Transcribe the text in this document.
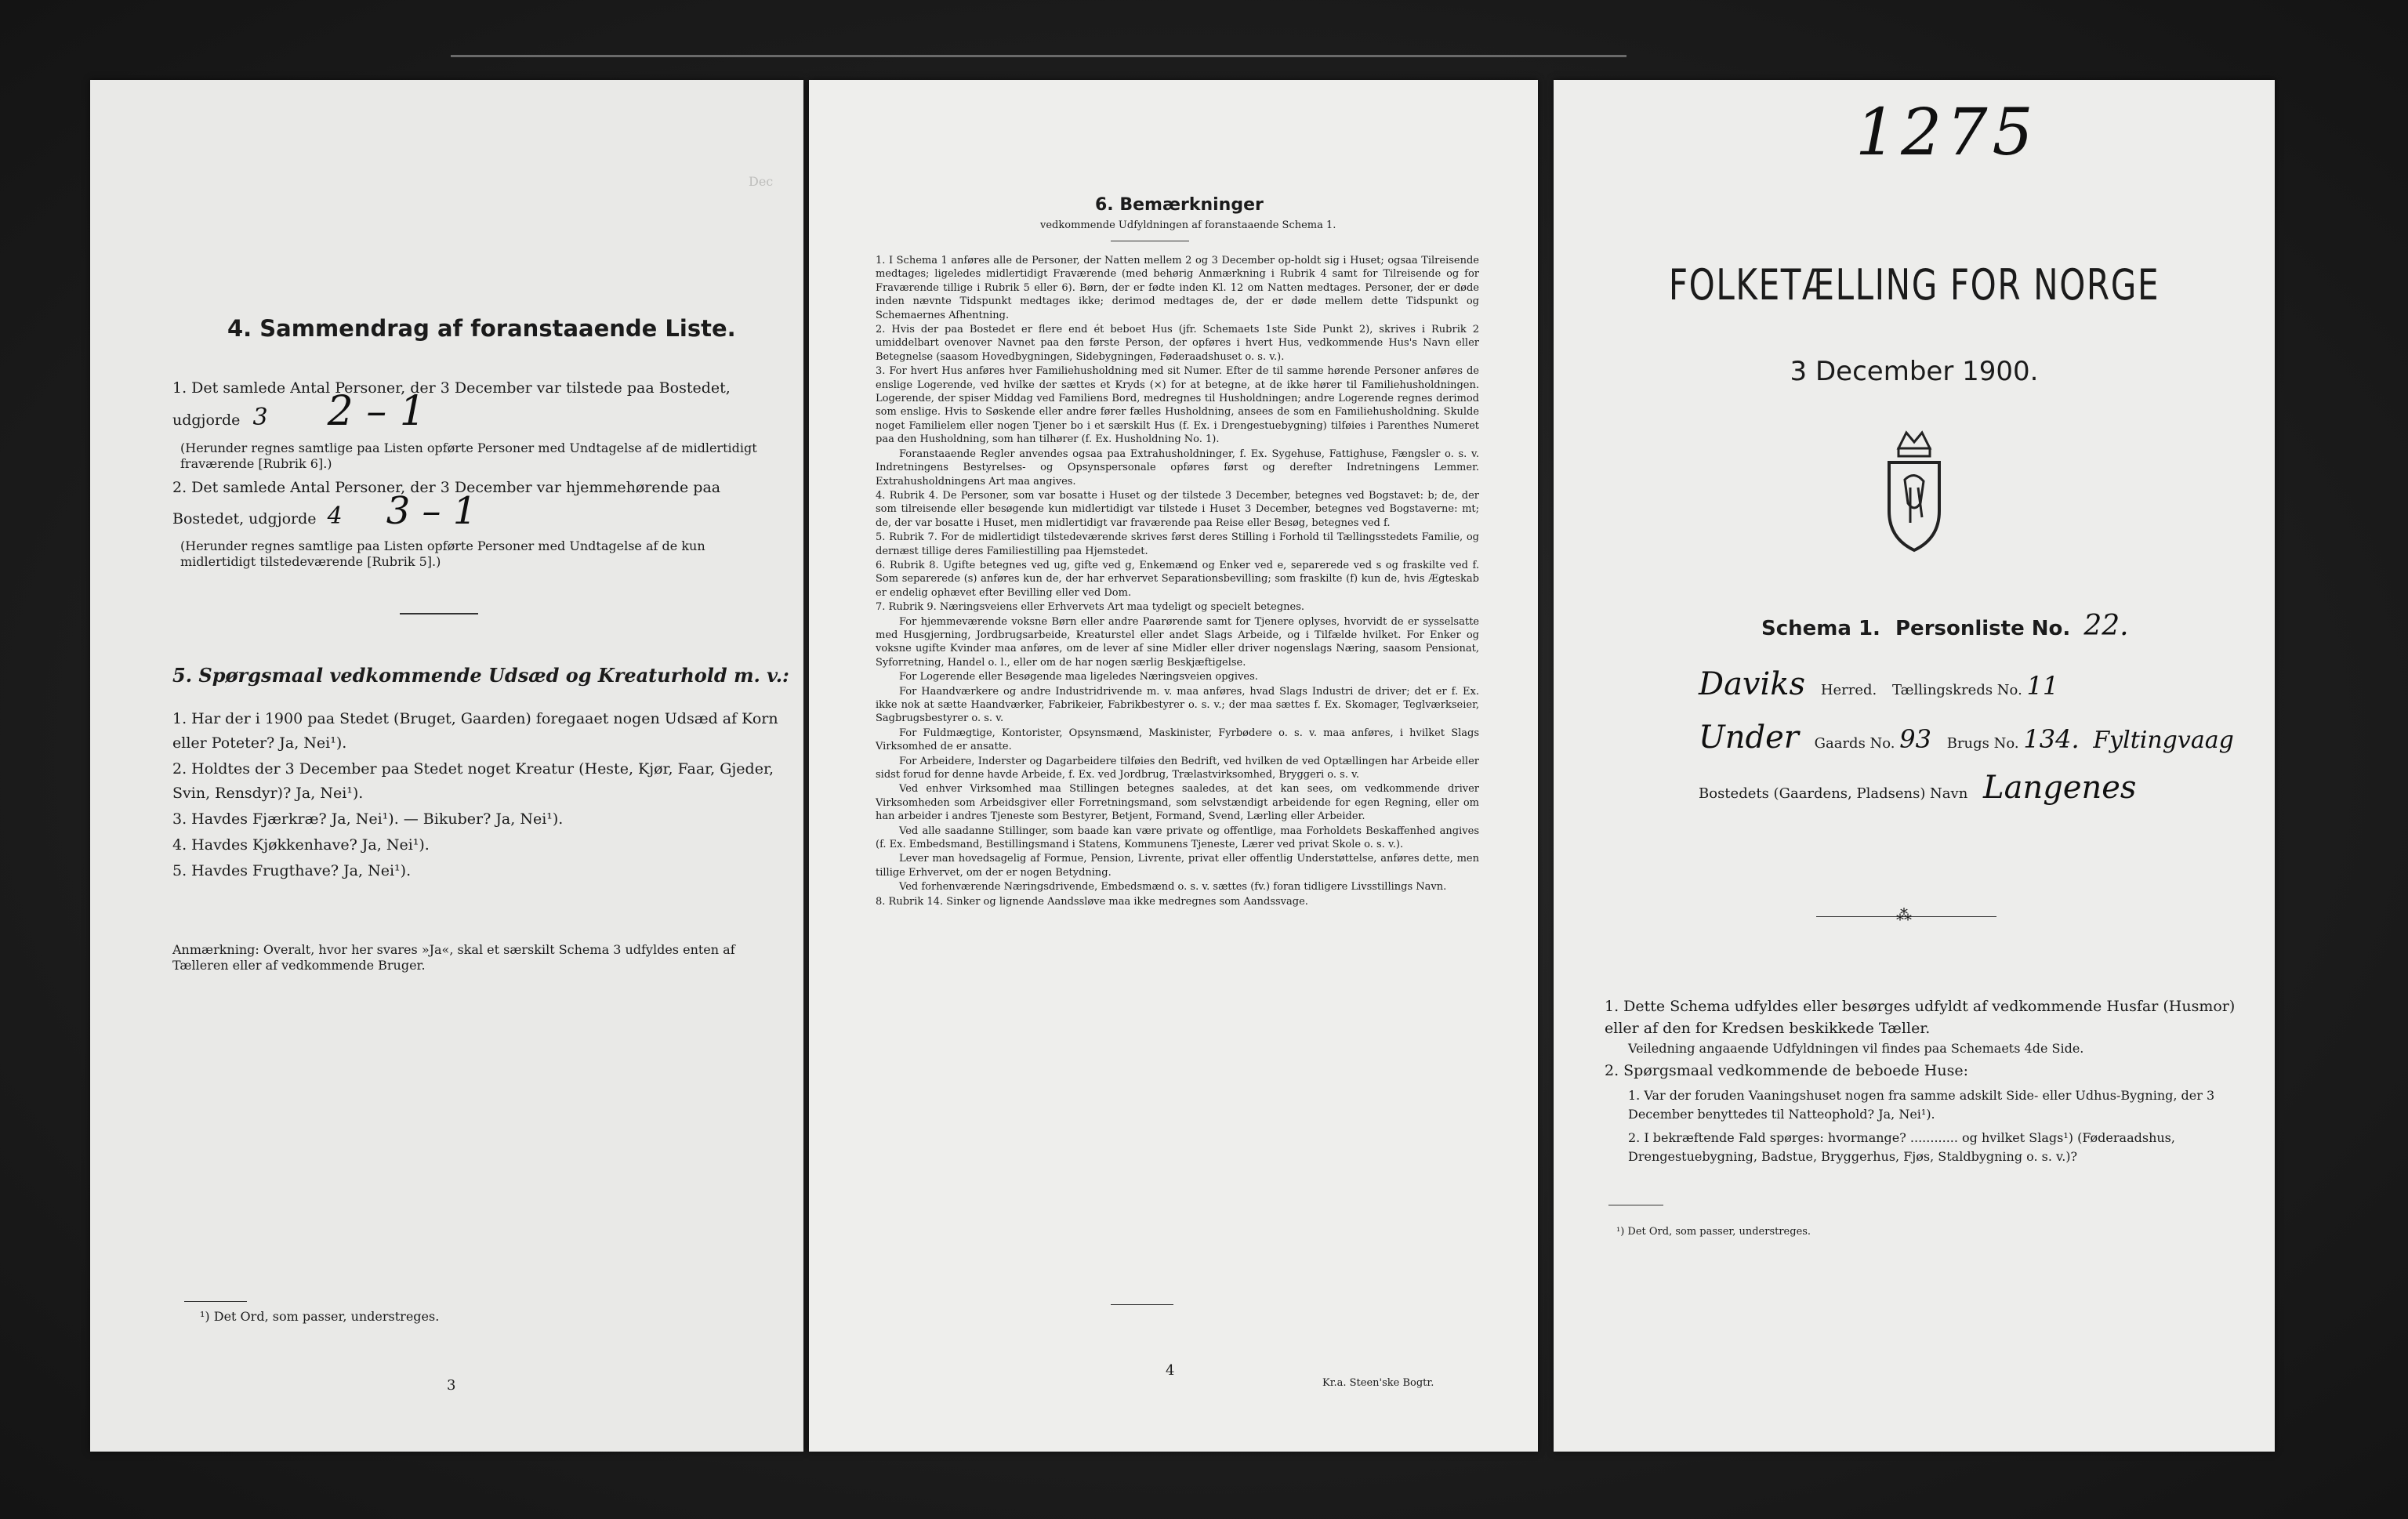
Dec
4. Sammendrag af foranstaaende Liste.

1. Det samlede Antal Personer, der 3 December var tilstede paa Bostedet,

udgjorde 3 2 – 1

(Herunder regnes samtlige paa Listen opførte Personer med Undtagelse af de midlertidigt fraværende [Rubrik 6].)

2. Det samlede Antal Personer, der 3 December var hjemmehørende paa

Bostedet, udgjorde 4 3 – 1

(Herunder regnes samtlige paa Listen opførte Personer med Undtagelse af de kun midlertidigt tilstedeværende [Rubrik 5].)
5. Spørgsmaal vedkommende Udsæd og Kreaturhold m. v.:

1. Har der i 1900 paa Stedet (Bruget, Gaarden) foregaaet nogen Udsæd af Korn eller Poteter? Ja, Nei¹).

2. Holdtes der 3 December paa Stedet noget Kreatur (Heste, Kjør, Faar, Gjeder, Svin, Rensdyr)? Ja, Nei¹).

3. Havdes Fjærkræ? Ja, Nei¹). — Bikuber? Ja, Nei¹).

4. Havdes Kjøkkenhave? Ja, Nei¹).

5. Havdes Frugthave? Ja, Nei¹).

Anmærkning: Overalt, hvor her svares »Ja«, skal et særskilt Schema 3 udfyldes enten af Tælleren eller af vedkommende Bruger.
¹) Det Ord, som passer, understreges.
3
6. Bemærkninger
vedkommende Udfyldningen af foranstaaende Schema 1.

1. I Schema 1 anføres alle de Personer, der Natten mellem 2 og 3 December op-holdt sig i Huset; ogsaa Tilreisende medtages; ligeledes midlertidigt Fraværende (med behørig Anmærkning i Rubrik 4 samt for Tilreisende og for Fraværende tillige i Rubrik 5 eller 6). Børn, der er fødte inden Kl. 12 om Natten medtages. Personer, der er døde inden nævnte Tidspunkt medtages ikke; derimod medtages de, der er døde mellem dette Tidspunkt og Schemaernes Afhentning.

2. Hvis der paa Bostedet er flere end ét beboet Hus (jfr. Schemaets 1ste Side Punkt 2), skrives i Rubrik 2 umiddelbart ovenover Navnet paa den første Person, der opføres i hvert Hus, vedkommende Hus's Navn eller Betegnelse (saasom Hovedbygningen, Sidebygningen, Føderaadshuset o. s. v.).

3. For hvert Hus anføres hver Familiehusholdning med sit Numer. Efter de til samme hørende Personer anføres de enslige Logerende, ved hvilke der sættes et Kryds (×) for at betegne, at de ikke hører til Familiehusholdningen. Logerende, der spiser Middag ved Familiens Bord, medregnes til Husholdningen; andre Logerende regnes derimod som enslige. Hvis to Søskende eller andre fører fælles Husholdning, ansees de som en Familiehusholdning. Skulde noget Familielem eller nogen Tjener bo i et særskilt Hus (f. Ex. i Drengestuebygning) tilføies i Parenthes Numeret paa den Husholdning, som han tilhører (f. Ex. Husholdning No. 1).

Foranstaaende Regler anvendes ogsaa paa Extrahusholdninger, f. Ex. Sygehuse, Fattighuse, Fængsler o. s. v. Indretningens Bestyrelses- og Opsynspersonale opføres først og derefter Indretningens Lemmer. Extrahusholdningens Art maa angives.

4. Rubrik 4. De Personer, som var bosatte i Huset og der tilstede 3 December, betegnes ved Bogstavet: b; de, der som tilreisende eller besøgende kun midlertidigt var tilstede i Huset 3 December, betegnes ved Bogstaverne: mt; de, der var bosatte i Huset, men midlertidigt var fraværende paa Reise eller Besøg, betegnes ved f.

5. Rubrik 7. For de midlertidigt tilstedeværende skrives først deres Stilling i Forhold til Tællingsstedets Familie, og dernæst tillige deres Familiestilling paa Hjemstedet.

6. Rubrik 8. Ugifte betegnes ved ug, gifte ved g, Enkemænd og Enker ved e, separerede ved s og fraskilte ved f. Som separerede (s) anføres kun de, der har erhvervet Separationsbevilling; som fraskilte (f) kun de, hvis Ægteskab er endelig ophævet efter Bevilling eller ved Dom.

7. Rubrik 9. Næringsveiens eller Erhvervets Art maa tydeligt og specielt betegnes.

For hjemmeværende voksne Børn eller andre Paarørende samt for Tjenere oplyses, hvorvidt de er sysselsatte med Husgjerning, Jordbrugsarbeide, Kreaturstel eller andet Slags Arbeide, og i Tilfælde hvilket. For Enker og voksne ugifte Kvinder maa anføres, om de lever af sine Midler eller driver nogenslags Næring, saasom Pensionat, Syforretning, Handel o. l., eller om de har nogen særlig Beskjæftigelse.

For Logerende eller Besøgende maa ligeledes Næringsveien opgives.

For Haandværkere og andre Industridrivende m. v. maa anføres, hvad Slags Industri de driver; det er f. Ex. ikke nok at sætte Haandværker, Fabrikeier, Fabrikbestyrer o. s. v.; der maa sættes f. Ex. Skomager, Teglværkseier, Sagbrugsbestyrer o. s. v.

For Fuldmægtige, Kontorister, Opsynsmænd, Maskinister, Fyrbødere o. s. v. maa anføres, i hvilket Slags Virksomhed de er ansatte.

For Arbeidere, Inderster og Dagarbeidere tilføies den Bedrift, ved hvilken de ved Optællingen har Arbeide eller sidst forud for denne havde Arbeide, f. Ex. ved Jordbrug, Trælastvirksomhed, Bryggeri o. s. v.

Ved enhver Virksomhed maa Stillingen betegnes saaledes, at det kan sees, om vedkommende driver Virksomheden som Arbeidsgiver eller Forretningsmand, som selvstændigt arbeidende for egen Regning, eller om han arbeider i andres Tjeneste som Bestyrer, Betjent, Formand, Svend, Lærling eller Arbeider.

Ved alle saadanne Stillinger, som baade kan være private og offentlige, maa Forholdets Beskaffenhed angives (f. Ex. Embedsmand, Bestillingsmand i Statens, Kommunens Tjeneste, Lærer ved privat Skole o. s. v.).

Lever man hovedsagelig af Formue, Pension, Livrente, privat eller offentlig Understøttelse, anføres dette, men tillige Erhvervet, om der er nogen Betydning.

Ved forhenværende Næringsdrivende, Embedsmænd o. s. v. sættes (fv.) foran tidligere Livsstillings Navn.

8. Rubrik 14. Sinker og lignende Aandssløve maa ikke medregnes som Aandssvage.

4
Kr.a. Steen'ske Bogtr.
1275
FOLKETÆLLING FOR NORGE
3 December 1900.
Schema 1. Personliste No. 22.
Daviks Herred. Tællingskreds No. 11
Under Gaards No. 93 Brugs No. 134. Fyltingvaag
Bostedets (Gaardens, Pladsens) Navn Langenes
⁂

1. Dette Schema udfyldes eller besørges udfyldt af vedkommende Husfar (Husmor) eller af den for Kredsen beskikkede Tæller.

Veiledning angaaende Udfyldningen vil findes paa Schemaets 4de Side.

2. Spørgsmaal vedkommende de beboede Huse:

1. Var der foruden Vaaningshuset nogen fra samme adskilt Side- eller Udhus-Bygning, der 3 December benyttedes til Natteophold? Ja, Nei¹).

2. I bekræftende Fald spørges: hvormange? ............ og hvilket Slags¹) (Føderaadshus, Drengestuebygning, Badstue, Bryggerhus, Fjøs, Staldbygning o. s. v.)?

¹) Det Ord, som passer, understreges.
